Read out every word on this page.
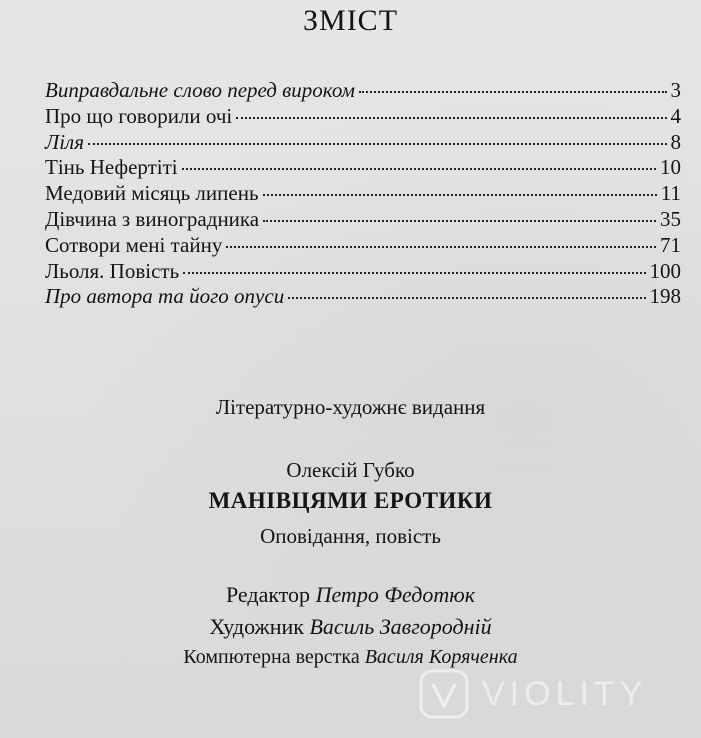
ЗМІСТ
Виправдальне слово перед вироком	3
Про що говорили очі	4
Ліля	8
Тінь Нефертіті	10
Медовий місяць липень	11
Дівчина з виноградника	35
Сотвори мені тайну	71
Льоля. Повість	100
Про автора та його опуси	198
Літературно-художнє видання
Олексій Губко
МАНІВЦЯМИ ЕРОТИКИ
Оповідання, повість
Редактор Петро Федотюк
Художник Василь Завгородній
Компютерна верстка Василя Коряченка
VIOLITY
